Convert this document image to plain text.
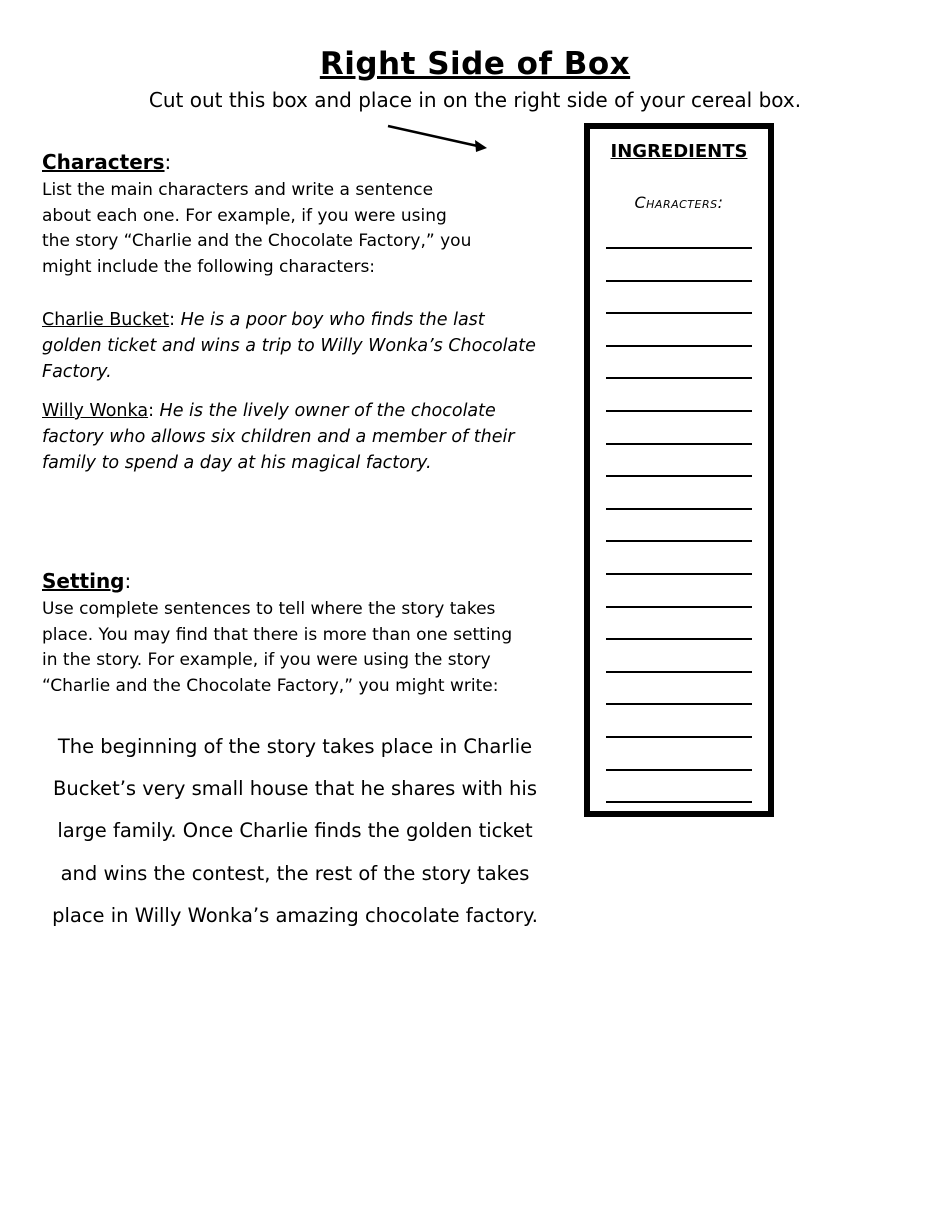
Right Side of Box
Cut out this box and place in on the right side of your cereal box.
Characters:
List the main characters and write a sentence
about each one. For example, if you were using
the story “Charlie and the Chocolate Factory,” you
might include the following characters:
Charlie Bucket: He is a poor boy who finds the last
golden ticket and wins a trip to Willy Wonka’s Chocolate
Factory.
Willy Wonka: He is the lively owner of the chocolate
factory who allows six children and a member of their
family to spend a day at his magical factory.
Setting:
Use complete sentences to tell where the story takes
place. You may find that there is more than one setting
in the story. For example, if you were using the story
“Charlie and the Chocolate Factory,” you might write:
The beginning of the story takes place in Charlie
Bucket’s very small house that he shares with his
large family. Once Charlie finds the golden ticket
and wins the contest, the rest of the story takes
place in Willy Wonka’s amazing chocolate factory.
INGREDIENTS
Characters:
